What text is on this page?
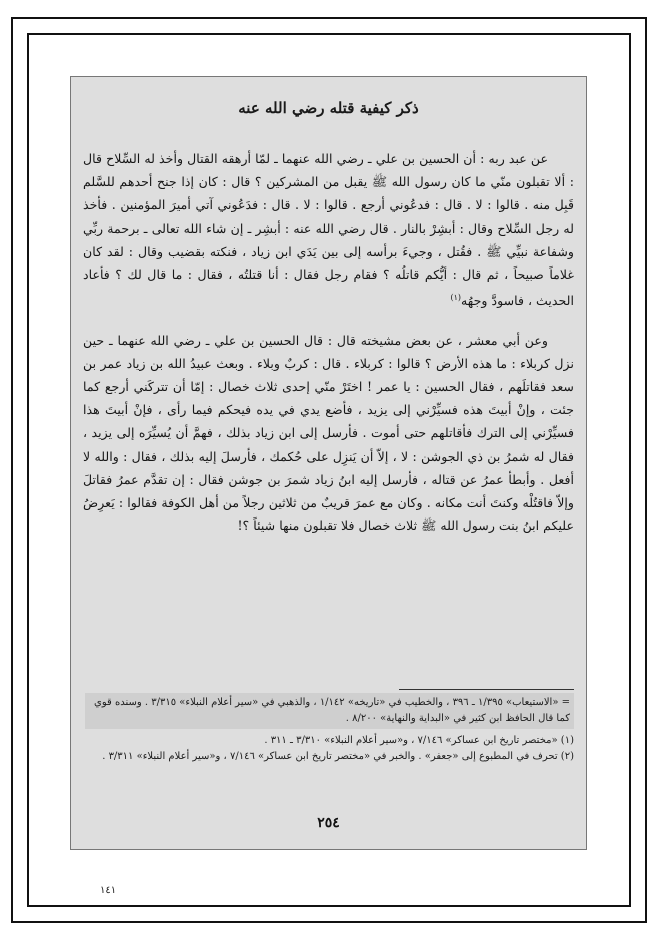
ذكر كيفية قتله رضي الله عنه

عن عبد ربه : أن الحسين بن علي ـ رضي الله عنهما ـ لمّا أرهقه القتال وأخذ له السِّلاح قال : ألا تقبلون منّي ما كان رسول الله ﷺ يقبل من المشركين ؟ قال : كان إذا جنح أحدهم للسَّلم قَبِل منه . قالوا : لا . قال : فدعُوني أرجع . قالوا : لا . قال : فدَعُوني آتي أميرَ المؤمنين . فأخذ له رجل السِّلاح وقال : أبشِرْ بالنار . قال رضي الله عنه : أبشِر ـ إن شاء الله تعالى ـ برحمة ربِّي وشفاعة نبيِّي ﷺ . فقُتل ، وجيءَ برأسه إلى بين يَدَي ابن زياد ، فنكته بقضيب وقال : لقد كان غلاماً صبيحاً ، ثم قال : أيُّكم قاتلُه ؟ فقام رجل فقال : أنا قتلتُه ، فقال : ما قال لك ؟ فأعاد الحديث ، فاسودَّ وجهُه$^{(١)}$

وعن أبي معشر ، عن بعض مشيخته قال : قال الحسين بن علي ـ رضي الله عنهما ـ حين نزل كربلاء : ما هذه الأرض ؟ قالوا : كربلاء . قال : كربٌ وبلاء . وبعث عبيدُ الله بن زياد عمر بن سعد فقاتلَهم ، فقال الحسين : يا عمر ! اختَرْ منّي إحدى ثلاث خصال : إمّا أن تتركَني أرجع كما جئت ، وإنْ أبيتَ هذه فسيِّرْني إلى يزيد ، فأضع يدي في يده فيحكم فيما رأى ، فإنْ أبيتَ هذا فسيِّرْني إلى الترك فأقاتلهم حتى أموت . فأرسل إلى ابن زياد بذلك ، فهمَّ أن يُسيِّرَه إلى يزيد ، فقال له شمرُ بن ذي الجوشن : لا ، إلاّ أن يَنزِل على حُكمك ، فأرسلَ إليه بذلك ، فقال : والله لا أفعل . وأبطأ عمرُ عن قتاله ، فأرسل إليه ابنُ زياد شمرَ بن جوشن فقال : إن تقدَّم عمرُ فقاتلَ وإلاّ فاقتُلْه وكنتَ أنت مكانه . وكان مع عمرَ قريبٌ من ثلاثين رجلاً من أهل الكوفة فقالوا : يَعرِضُ عليكم ابنُ بنت رسول الله ﷺ ثلاث خصال فلا تقبلون منها شيئاً ؟!

= «الاستيعاب» ١/٣٩٥ ـ ٣٩٦ ، والخطيب في «تاريخه» ١/١٤٢ ، والذهبي في «سير أعلام النبلاء» ٣/٣١٥ . وسنده قوي كما قال الحافظ ابن كثير في «البداية والنهاية» ٨/٢٠٠ .

(١) «مختصر تاريخ ابن عساكر» ٧/١٤٦ ، و«سير أعلام النبلاء» ٣/٣١٠ ـ ٣١١ .

(٢) تحرف في المطبوع إلى «جعفر» . والخبر في «مختصر تاريخ ابن عساكر» ٧/١٤٦ ، و«سير أعلام النبلاء» ٣/٣١١ .

٢٥٤
١٤١
